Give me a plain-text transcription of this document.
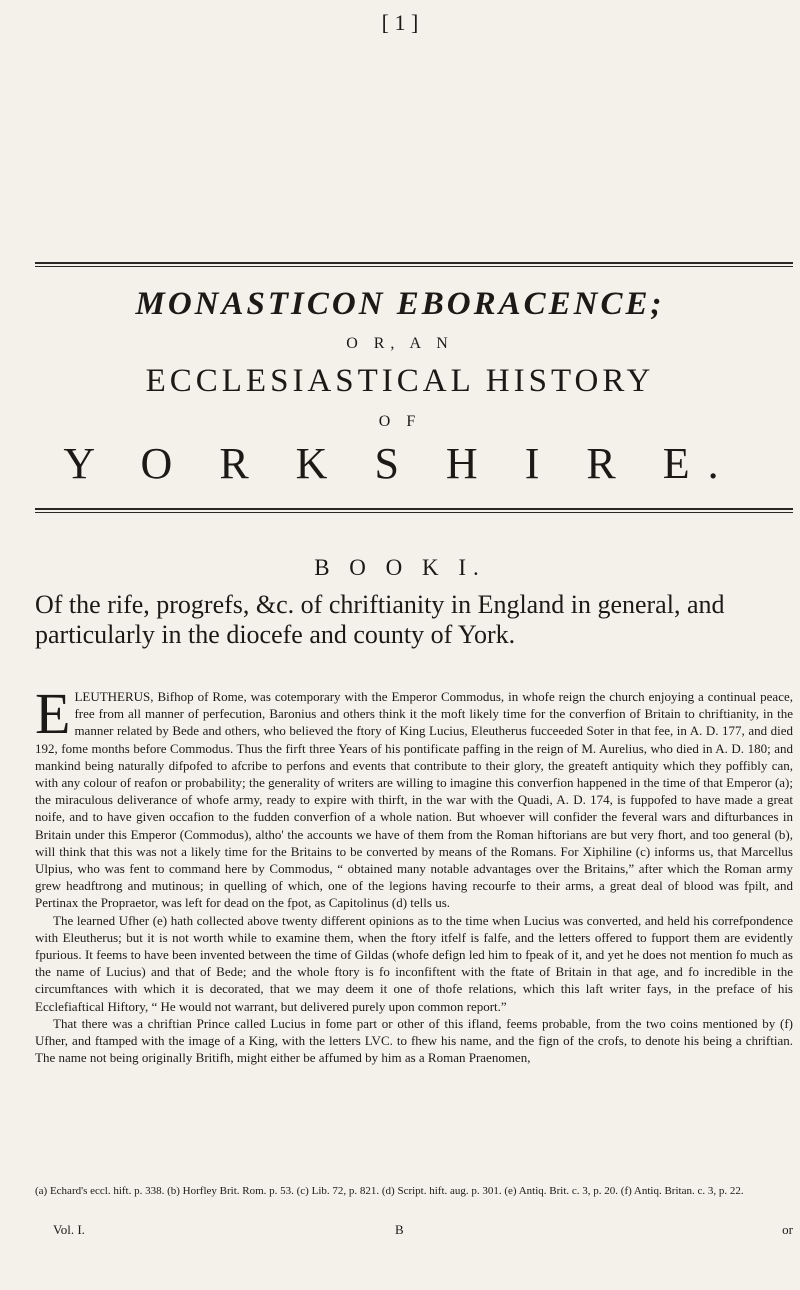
[ 1 ]
MONASTICON EBORACENCE;
O R, A N
ECCLESIASTICAL HISTORY
O F
Y O R K S H I R E.
B O O K I.
Of the rife, progrefs, &c. of chriftianity in England in general, and particularly in the diocefe and county of York.

E LEUTHERUS, Bifhop of Rome, was cotemporary with the Emperor Commodus, in whofe reign the church enjoying a continual peace, free from all manner of perfecution, Baronius and others think it the moft likely time for the converfion of Britain to chriftianity, in the manner related by Bede and others, who believed the ftory of King Lucius, Eleutherus fucceeded Soter in that fee, in A. D. 177, and died 192, fome months before Commodus. Thus the firft three Years of his pontificate paffing in the reign of M. Aurelius, who died in A. D. 180; and mankind being naturally difpofed to afcribe to perfons and events that contribute to their glory, the greateft antiquity which they poffibly can, with any colour of reafon or probability; the generality of writers are willing to imagine this converfion happened in the time of that Emperor (a); the miraculous deliverance of whofe army, ready to expire with thirft, in the war with the Quadi, A. D. 174, is fuppofed to have made a great noife, and to have given occafion to the fudden converfion of a whole nation. But whoever will confider the feveral wars and difturbances in Britain under this Emperor (Commodus), altho' the accounts we have of them from the Roman hiftorians are but very fhort, and too general (b), will think that this was not a likely time for the Britains to be converted by means of the Romans. For Xiphiline (c) informs us, that Marcellus Ulpius, who was fent to command here by Commodus, “ obtained many notable advantages over the Britains,” after which the Roman army grew headftrong and mutinous; in quelling of which, one of the legions having recourfe to their arms, a great deal of blood was fpilt, and Pertinax the Propraetor, was left for dead on the fpot, as Capitolinus (d) tells us.

The learned Ufher (e) hath collected above twenty different opinions as to the time when Lucius was converted, and held his correfpondence with Eleutherus; but it is not worth while to examine them, when the ftory itfelf is falfe, and the letters offered to fupport them are evidently fpurious. It feems to have been invented between the time of Gildas (whofe defign led him to fpeak of it, and yet he does not mention fo much as the name of Lucius) and that of Bede; and the whole ftory is fo inconfiftent with the ftate of Britain in that age, and fo incredible in the circumftances with which it is decorated, that we may deem it one of thofe relations, which this laft writer fays, in the preface of his Ecclefiaftical Hiftory, “ He would not warrant, but delivered purely upon common report.”

That there was a chriftian Prince called Lucius in fome part or other of this ifland, feems probable, from the two coins mentioned by (f) Ufher, and ftamped with the image of a King, with the letters LVC. to fhew his name, and the fign of the crofs, to denote his being a chriftian. The name not being originally Britifh, might either be affumed by him as a Roman Praenomen,

(a) Echard's eccl. hift. p. 338. (b) Horfley Brit. Rom. p. 53. (c) Lib. 72, p. 821. (d) Script. hift. aug. p. 301. (e) Antiq. Brit. c. 3, p. 20. (f) Antiq. Britan. c. 3, p. 22.
Vol. I.	B	or
